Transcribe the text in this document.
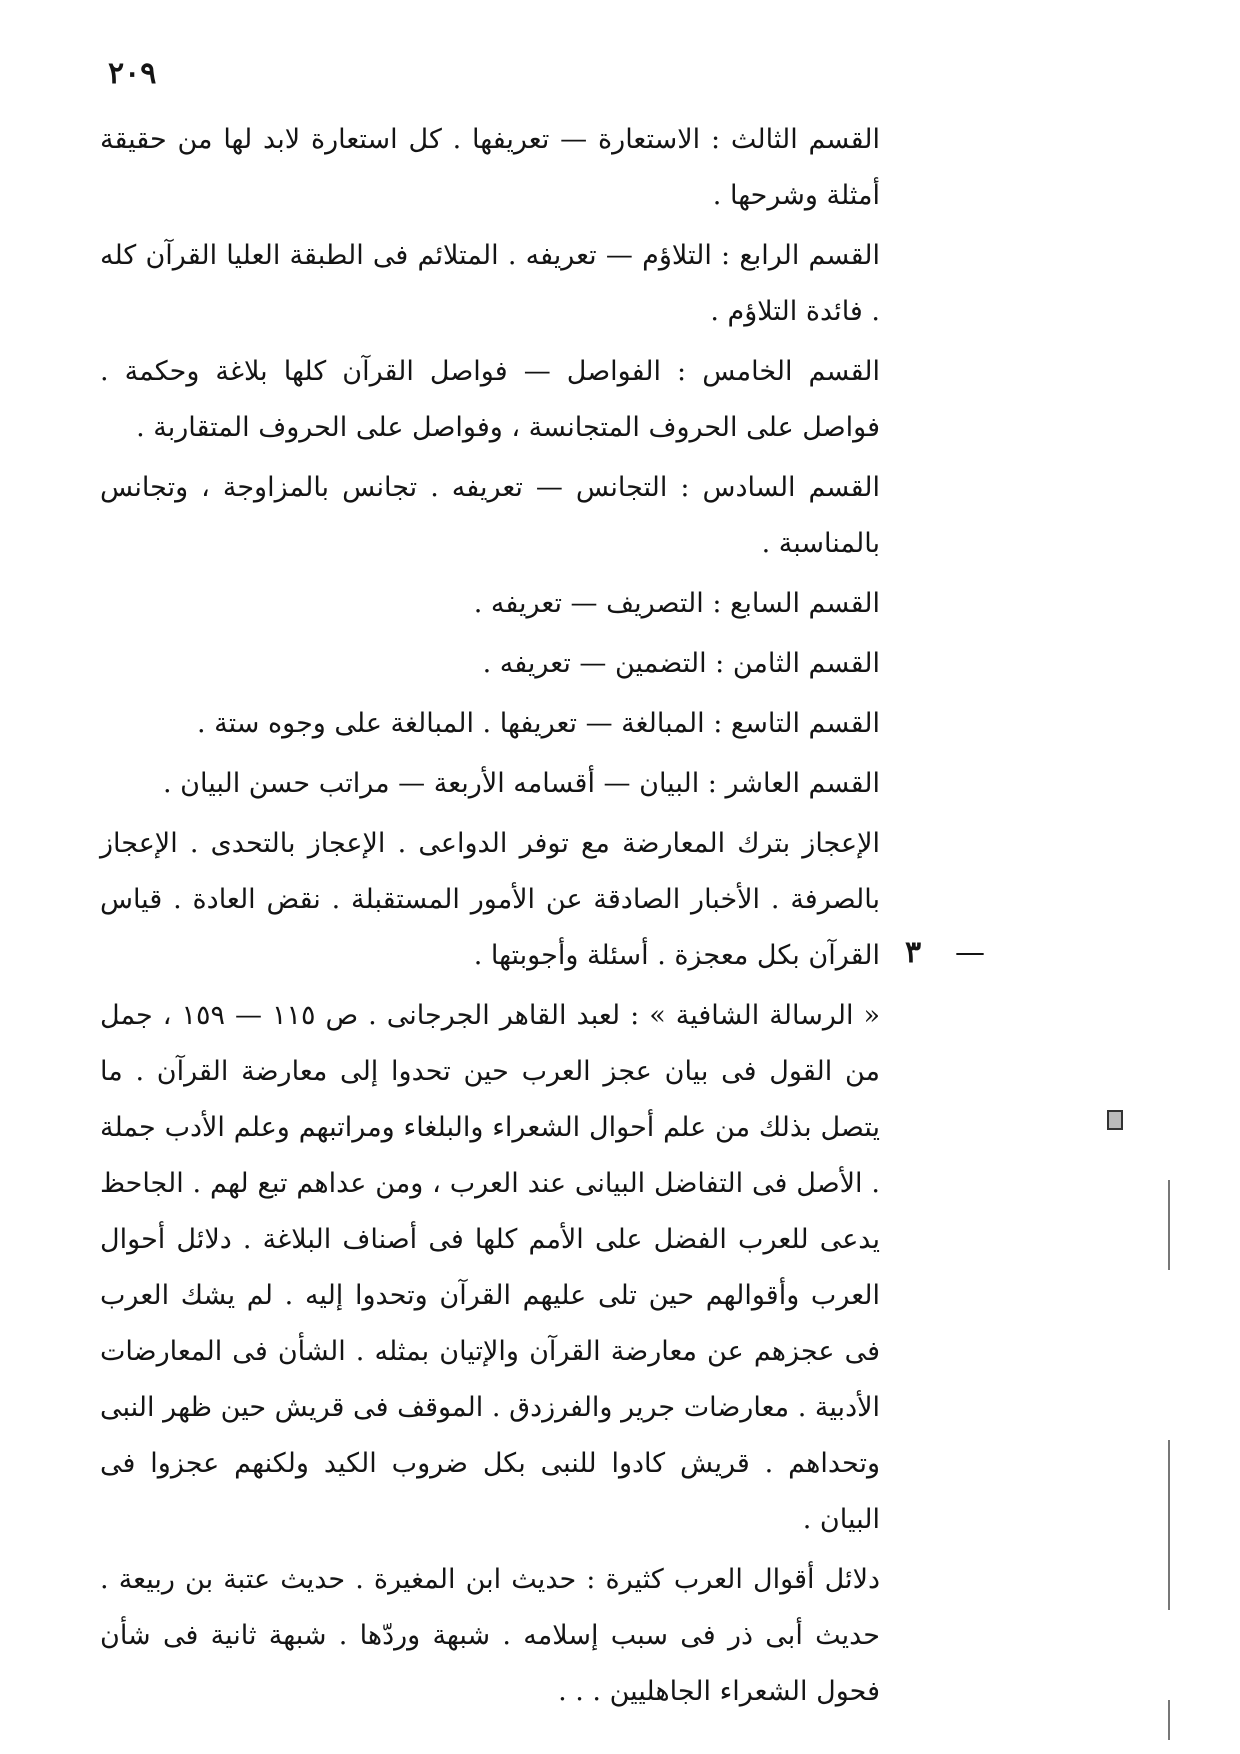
٢٠٩

القسم الثالث : الاستعارة — تعريفها . كل استعارة لابد لها من حقيقة أمثلة وشرحها .

القسم الرابع : التلاؤم — تعريفه . المتلائم فى الطبقة العليا القرآن كله . فائدة التلاؤم .

القسم الخامس : الفواصل — فواصل القرآن كلها بلاغة وحكمة . فواصل على الحروف المتجانسة ، وفواصل على الحروف المتقاربة .

القسم السادس : التجانس — تعريفه . تجانس بالمزاوجة ، وتجانس بالمناسبة .

القسم السابع : التصريف — تعريفه .

القسم الثامن : التضمين — تعريفه .

القسم التاسع : المبالغة — تعريفها . المبالغة على وجوه ستة .

القسم العاشر : البيان — أقسامه الأربعة — مراتب حسن البيان .

الإعجاز بترك المعارضة مع توفر الدواعى . الإعجاز بالتحدى . الإعجاز بالصرفة . الأخبار الصادقة عن الأمور المستقبلة . نقض العادة . قياس القرآن بكل معجزة . أسئلة وأجوبتها .

« الرسالة الشافية » : لعبد القاهر الجرجانى . ص ١١٥ — ١٥٩ ، جمل من القول فى بيان عجز العرب حين تحدوا إلى معارضة القرآن . ما يتصل بذلك من علم أحوال الشعراء والبلغاء ومراتبهم وعلم الأدب جملة . الأصل فى التفاضل البيانى عند العرب ، ومن عداهم تبع لهم . الجاحظ يدعى للعرب الفضل على الأمم كلها فى أصناف البلاغة . دلائل أحوال العرب وأقوالهم حين تلى عليهم القرآن وتحدوا إليه . لم يشك العرب فى عجزهم عن معارضة القرآن والإتيان بمثله . الشأن فى المعارضات الأدبية . معارضات جرير والفرزدق . الموقف فى قريش حين ظهر النبى وتحداهم . قريش كادوا للنبى بكل ضروب الكيد ولكنهم عجزوا فى البيان .

دلائل أقوال العرب كثيرة : حديث ابن المغيرة . حديث عتبة بن ربيعة . حديث أبى ذر فى سبب إسلامه . شبهة وردّها . شبهة ثانية فى شأن فحول الشعراء الجاهليين . . .

—
٣
